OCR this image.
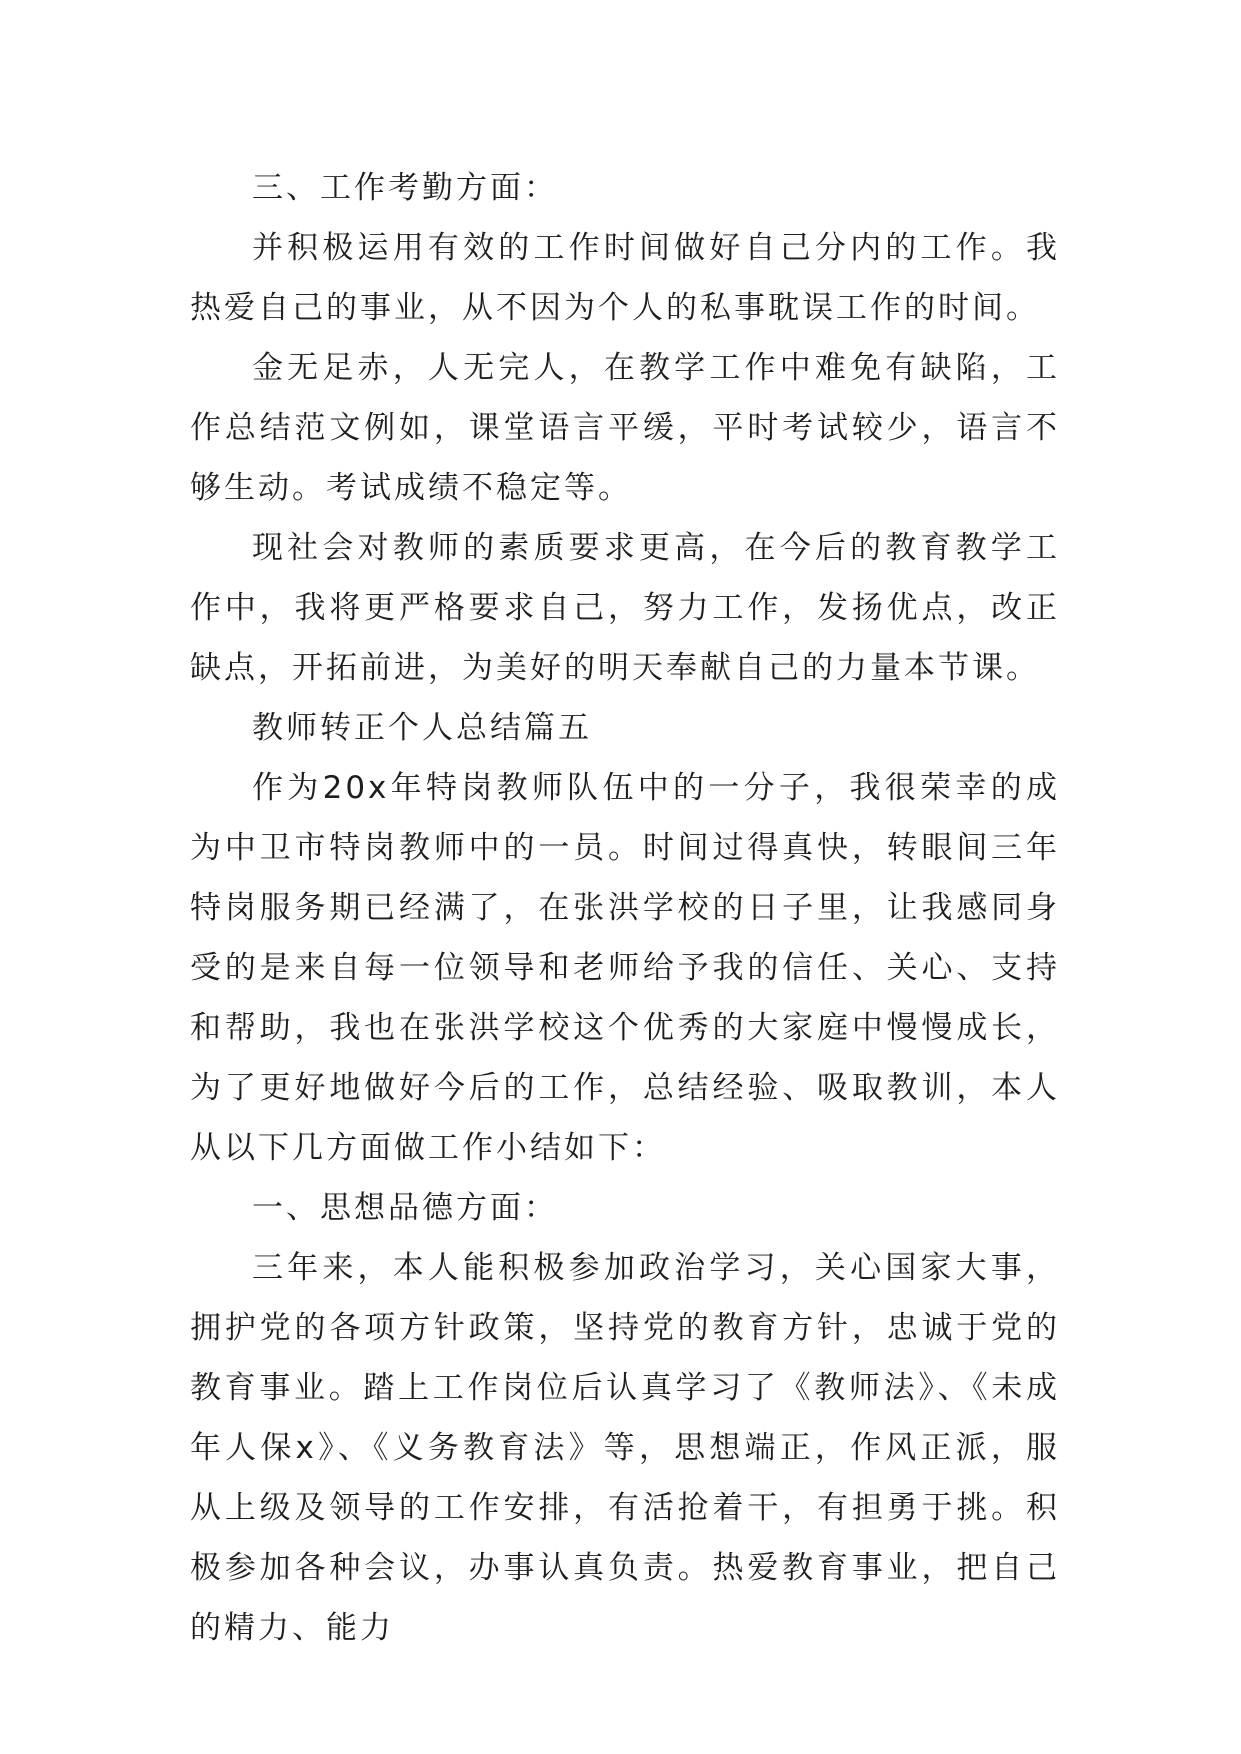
三、工作考勤方面：

并积极运用有效的工作时间做好自己分内的工作。我热爱自己的事业，从不因为个人的私事耽误工作的时间。

金无足赤，人无完人，在教学工作中难免有缺陷，工作总结范文例如，课堂语言平缓，平时考试较少，语言不够生动。考试成绩不稳定等。

现社会对教师的素质要求更高，在今后的教育教学工作中，我将更严格要求自己，努力工作，发扬优点，改正缺点，开拓前进，为美好的明天奉献自己的力量本节课。

教师转正个人总结篇五

作为20x年特岗教师队伍中的一分子，我很荣幸的成为中卫市特岗教师中的一员。时间过得真快，转眼间三年特岗服务期已经满了，在张洪学校的日子里，让我感同身受的是来自每一位领导和老师给予我的信任、关心、支持和帮助，我也在张洪学校这个优秀的大家庭中慢慢成长，为了更好地做好今后的工作，总结经验、吸取教训，本人从以下几方面做工作小结如下：

一、思想品德方面：

三年来，本人能积极参加政治学习，关心国家大事，拥护党的各项方针政策，坚持党的教育方针，忠诚于党的教育事业。踏上工作岗位后认真学习了《教师法》、《未成年人保x》、《义务教育法》等，思想端正，作风正派，服从上级及领导的工作安排，有活抢着干，有担勇于挑。积极参加各种会议，办事认真负责。热爱教育事业，把自己的精力、能力
